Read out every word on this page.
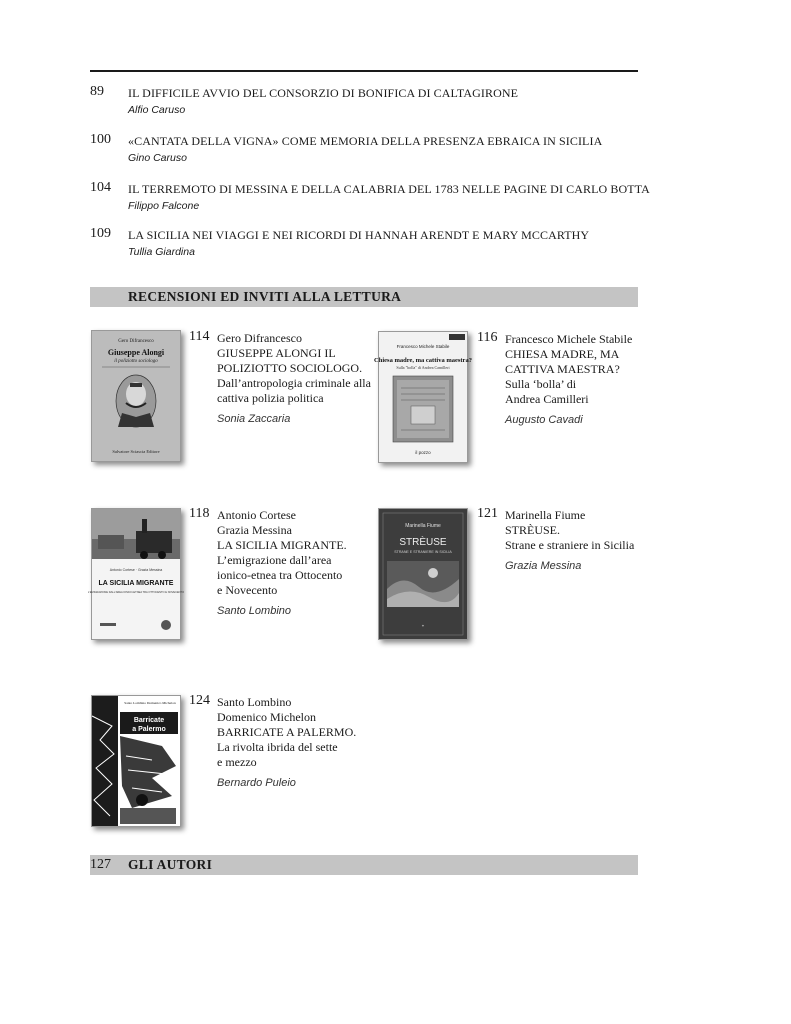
89 IL DIFFICILE AVVIO DEL CONSORZIO DI BONIFICA DI CALTAGIRONE
Alfio Caruso
100 «CANTATA DELLA VIGNA» COME MEMORIA DELLA PRESENZA EBRAICA IN SICILIA
Gino Caruso
104 IL TERREMOTO DI MESSINA E DELLA CALABRIA DEL 1783 NELLE PAGINE DI CARLO BOTTA
Filippo Falcone
109 LA SICILIA NEI VIAGGI E NEI RICORDI DI HANNAH ARENDT E MARY MCCARTHY
Tullia Giardina
RECENSIONI ED INVITI ALLA LETTURA
Gero Difrancesco
Giuseppe Alongi
il poliziotto sociologo
Salvatore Sciascia Editore
114 Gero Difrancesco
GIUSEPPE ALONGI IL
POLIZIOTTO SOCIOLOGO.
Dall’antropologia criminale alla
cattiva polizia politica
Sonia Zaccaria
Francesco Michele Stabile
Chiesa madre, ma cattiva maestra?
Sulla "bolla" di Andrea Camilleri
il pozzo
116 Francesco Michele Stabile
CHIESA MADRE, MA
CATTIVA MAESTRA?
Sulla ‘bolla’ di
Andrea Camilleri
Augusto Cavadi
Antonio Cortese · Grazia Messina
LA SICILIA MIGRANTE
L'EMIGRAZIONE DALL'AREA IONICO-ETNEA TRA OTTOCENTO E NOVECENTO
118 Antonio Cortese
Grazia Messina
LA SICILIA MIGRANTE.
L’emigrazione dall’area
ionico-etnea tra Ottocento
e Novecento
Santo Lombino
Marinella Fiume
STRÈUSE
STRANE E STRANIERE IN SICILIA
✦
121 Marinella Fiume
STRÈUSE.
Strane e straniere in Sicilia
Grazia Messina
Santo Lombino Domenico Michelon
Barricate
a Palermo
124 Santo Lombino
Domenico Michelon
BARRICATE A PALERMO.
La rivolta ibrida del sette
e mezzo
Bernardo Puleio
127 GLI AUTORI
